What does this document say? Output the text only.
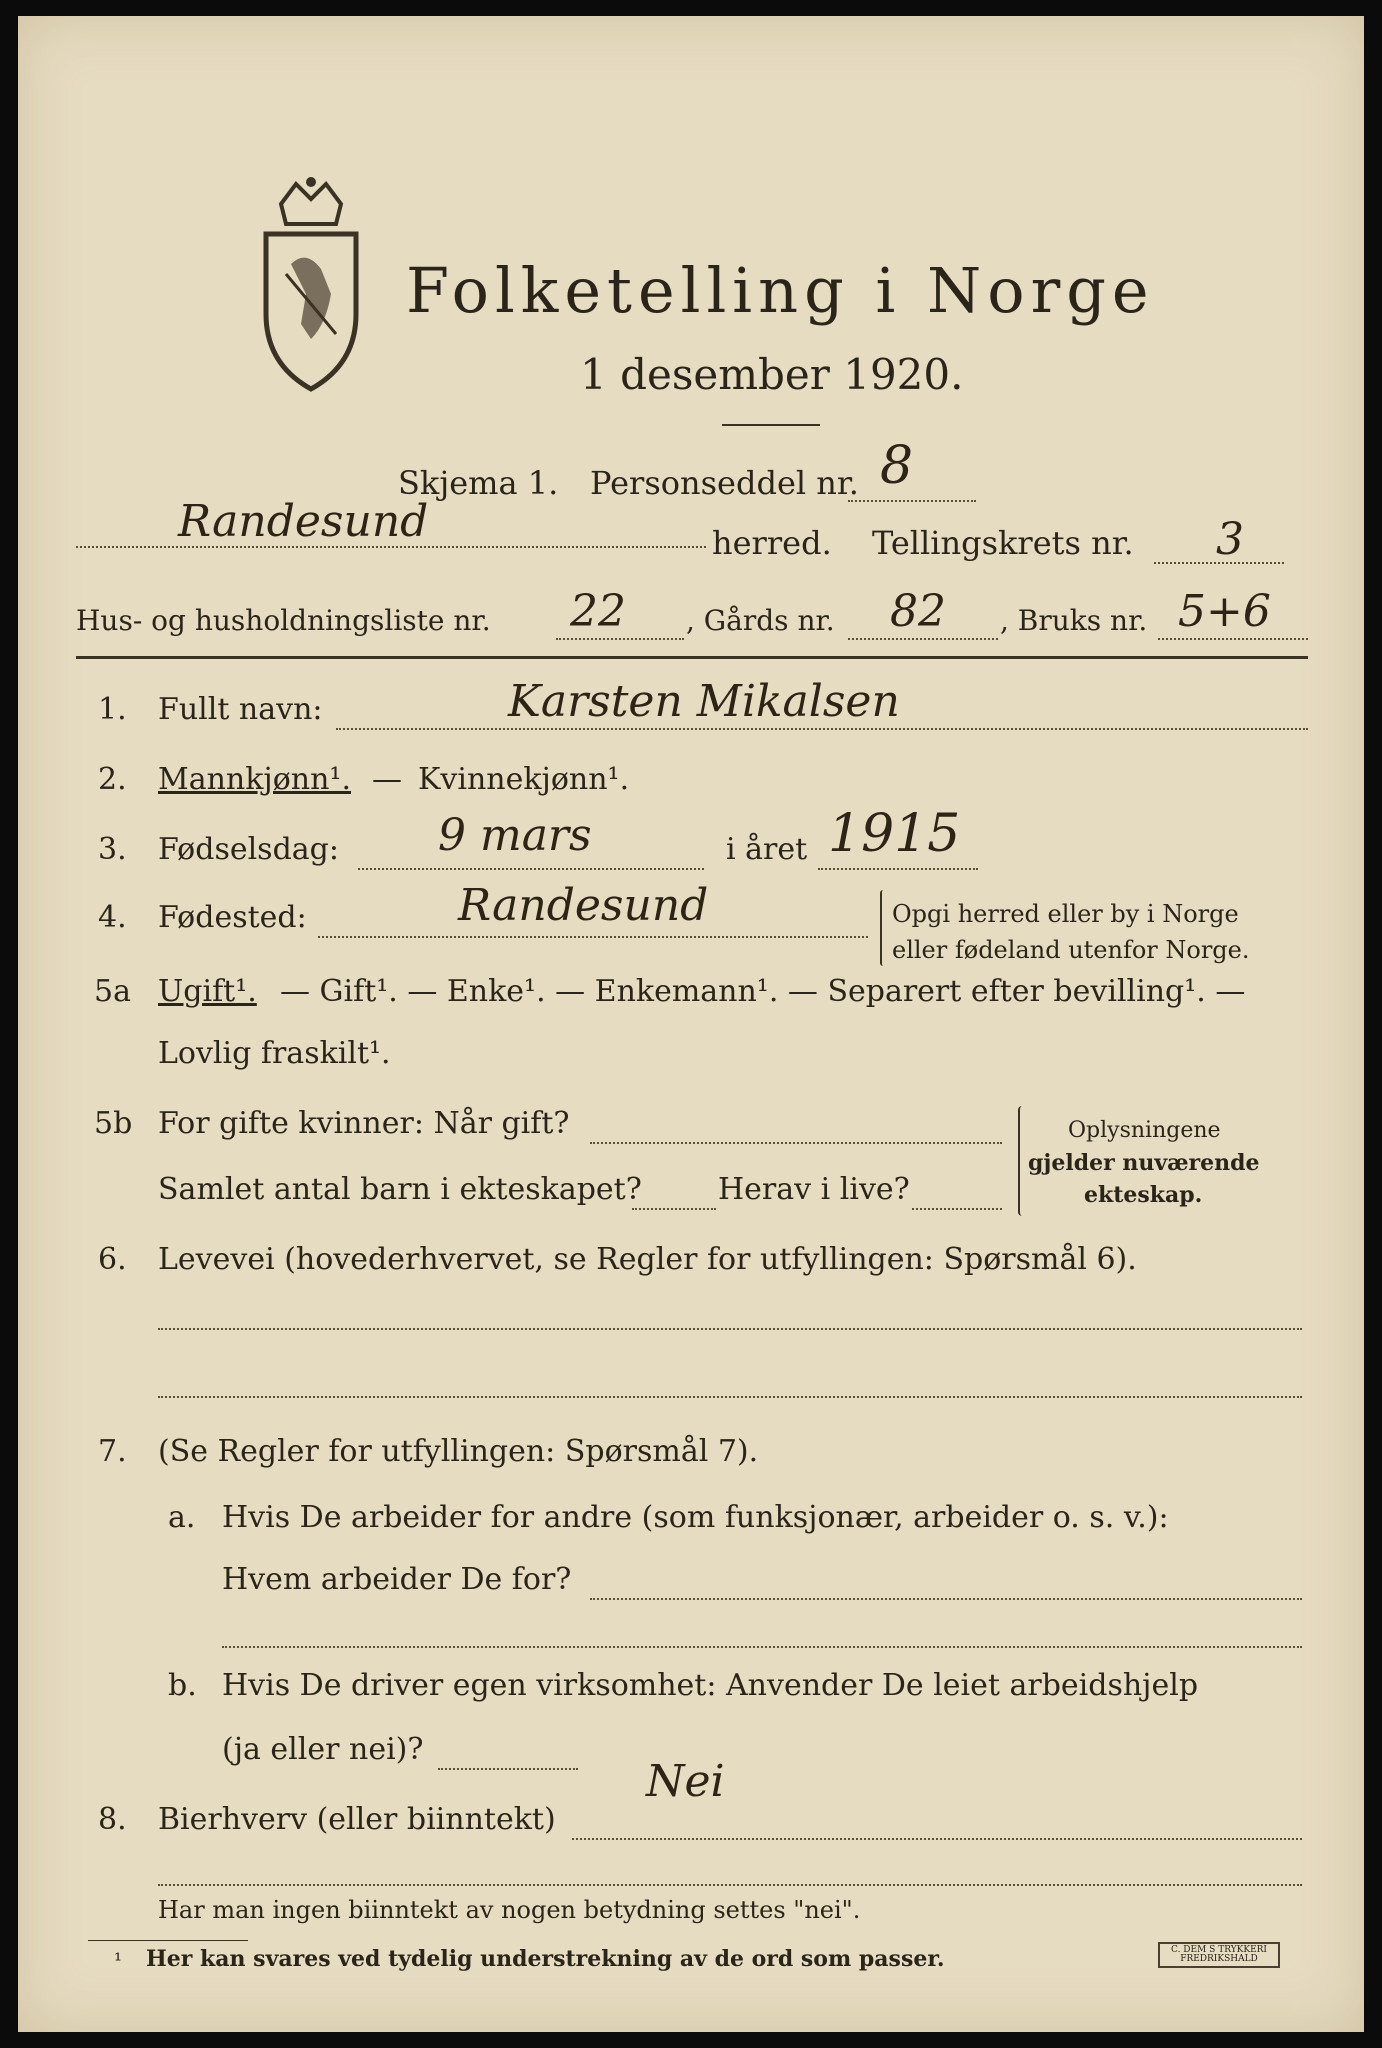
Folketelling i Norge
1 desember 1920.
Skjema 1. Personseddel nr. 8
Randesund	herred. Tellingskrets nr. 3
Hus- og husholdningsliste nr. 22 , Gårds nr. 82 , Bruks nr. 5+6
1. Fullt navn:	Karsten Mikalsen
2. Mannkjønn¹. — Kvinnekjønn¹.
3. Fødselsdag: 9 mars	i året 1915
4. Fødested:	Randesund	Opgi herred eller by i Norge
eller fødeland utenfor Norge.
5a Ugift¹. — Gift¹. — Enke¹. — Enkemann¹. — Separert efter bevilling¹. —
Lovlig fraskilt¹.
5b For gifte kvinner: Når gift?
Samlet antal barn i ekteskapet?	Herav i live?
Oplysningene
gjelder nuværende
ekteskap.
6. Levevei (hovederhvervet, se Regler for utfyllingen: Spørsmål 6).
7. (Se Regler for utfyllingen: Spørsmål 7).
a. Hvis De arbeider for andre (som funksjonær, arbeider o. s. v.):
Hvem arbeider De for?
b. Hvis De driver egen virksomhet: Anvender De leiet arbeidshjelp
(ja eller nei)?
Nei
8. Bierhverv (eller biinntekt)
Har man ingen biinntekt av nogen betydning settes "nei".
¹ Her kan svares ved tydelig understrekning av de ord som passer.	C. DEM S TRYKKERI
FREDRIKSHALD
